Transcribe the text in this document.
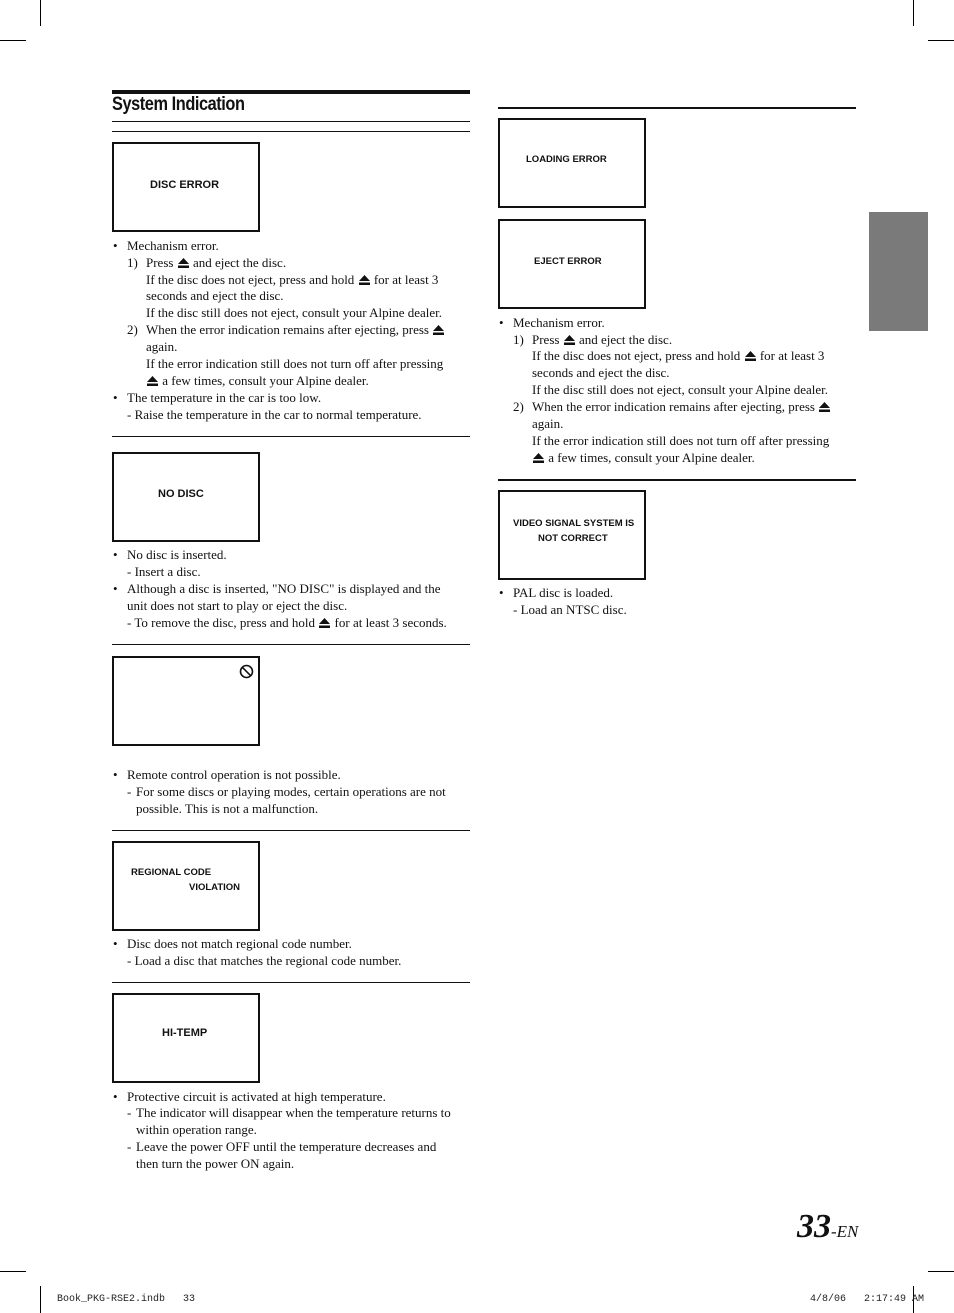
System Indication
DISC ERROR
• Mechanism error.
1) Press and eject the disc.
If the disc does not eject, press and hold for at least 3
seconds and eject the disc.
If the disc still does not eject, consult your Alpine dealer.
2) When the error indication remains after ejecting, press
again.
If the error indication still does not turn off after pressing
a few times, consult your Alpine dealer.
• The temperature in the car is too low.
- Raise the temperature in the car to normal temperature.
NO DISC
• No disc is inserted.
- Insert a disc.
• Although a disc is inserted, "NO DISC" is displayed and the
unit does not start to play or eject the disc.
- To remove the disc, press and hold for at least 3 seconds.
• Remote control operation is not possible.
- For some discs or playing modes, certain operations are not
possible. This is not a malfunction.
REGIONAL CODE
VIOLATION
• Disc does not match regional code number.
- Load a disc that matches the regional code number.
HI-TEMP
• Protective circuit is activated at high temperature.
- The indicator will disappear when the temperature returns to
within operation range.
- Leave the power OFF until the temperature decreases and
then turn the power ON again.
LOADING ERROR
EJECT ERROR
• Mechanism error.
1) Press and eject the disc.
If the disc does not eject, press and hold for at least 3
seconds and eject the disc.
If the disc still does not eject, consult your Alpine dealer.
2) When the error indication remains after ejecting, press
again.
If the error indication still does not turn off after pressing
a few times, consult your Alpine dealer.
VIDEO SIGNAL SYSTEM IS
NOT CORRECT
• PAL disc is loaded.
- Load an NTSC disc.
33-EN
Book_PKG-RSE2.indb   33	4/8/06   2:17:49 AM
